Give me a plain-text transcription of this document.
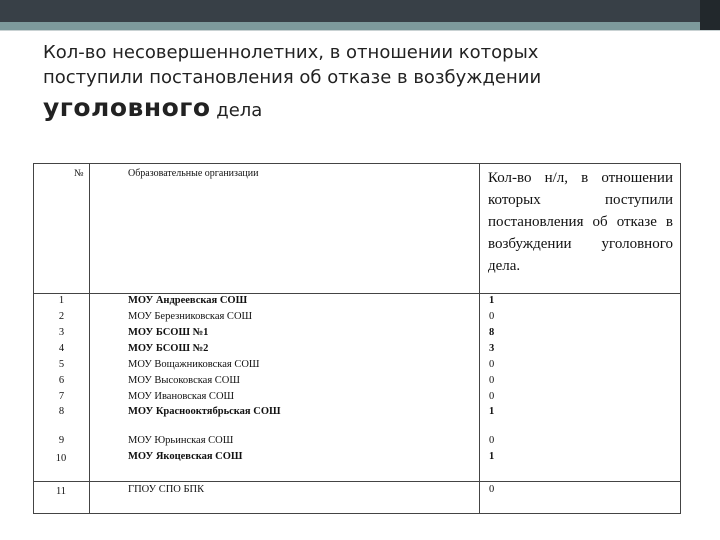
Кол-во несовершеннолетних, в отношении которых
поступили постановления об отказе в возбуждении
уголовного дела
№	Образовательные организации	Кол-во н/л, в отношении которых поступили постановления об отказе в возбуждении уголовного дела.
1	МОУ Андреевская СОШ	1
2	МОУ Березниковская СОШ	0
3	МОУ БСОШ №1	8
4	МОУ БСОШ №2	3
5	МОУ Вощажниковская СОШ	0
6	МОУ Высоковская СОШ	0
7	МОУ Ивановская СОШ	0
8	МОУ Краснооктябрьская СОШ	1
9	МОУ Юрьинская СОШ	0
10	МОУ Якоцевская СОШ	1
11	ГПОУ СПО БПК	0
